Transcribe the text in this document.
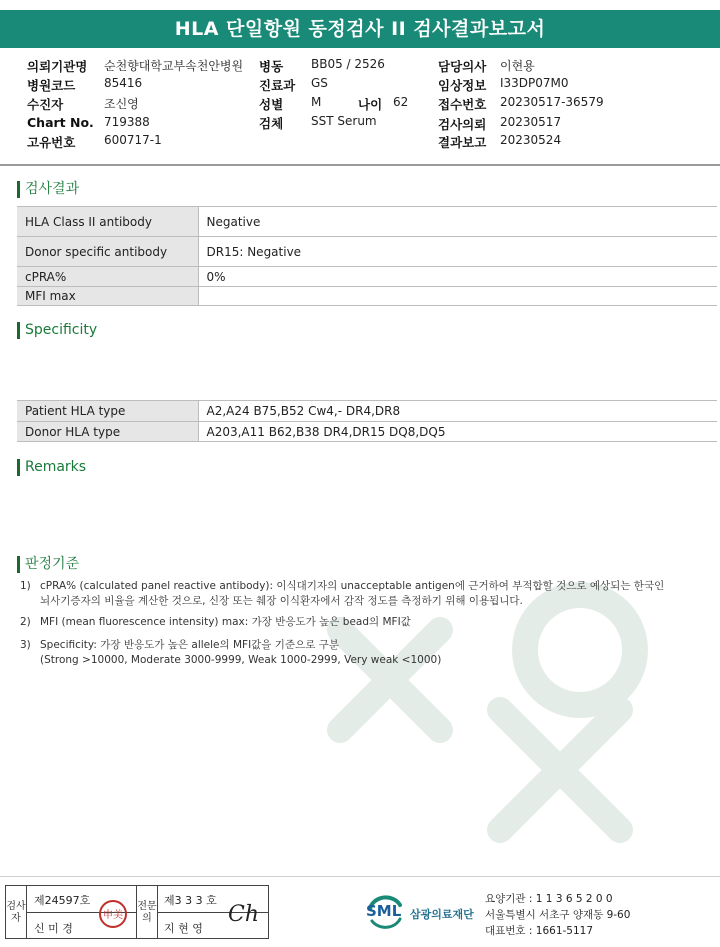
HLA 단일항원 동정검사 II 검사결과보고서
의뢰기관명 순천향대학교부속천안병원
병원코드 85416
수진자	조신영
Chart No. 719388
고유번호 600717-1
병동 BB05 / 2526
진료과 GS
성별 M	나이 62
검체 SST Serum
담당의사 이현용
임상정보 I33DP07M0
접수번호 20230517-36579
검사의뢰 20230517
결과보고 20230524
검사결과
HLA Class II antibody	Negative
Donor specific antibody	DR15: Negative
cPRA%	0%
MFI max	
Specificity
Patient HLA type	A2,A24 B75,B52 Cw4,- DR4,DR8
Donor HLA type	A203,A11 B62,B38 DR4,DR15 DQ8,DQ5
Remarks
판정기준
1) cPRA% (calculated panel reactive antibody): 이식대기자의 unacceptable antigen에 근거하여 부적합할 것으로 예상되는 한국인
뇌사기증자의 비율을 계산한 것으로, 신장 또는 췌장 이식환자에서 감작 정도를 측정하기 위해 이용됩니다.
2) MFI (mean fluorescence intensity) max: 가장 반응도가 높은 bead의 MFI값
3) Specificity: 가장 반응도가 높은 allele의 MFI값을 기준으로 구분
(Strong >10000, Moderate 3000-9999, Weak 1000-2999, Very weak <1000)
검사자
제24597호
신 미 경
申美
전문의
제3 3 3 호
지 현 영
Ch	SML 삼광의료재단
요양기관 : 1 1 3 6 5 2 0 0
서울특별시 서초구 양재동 9-60
대표번호 : 1661-5117
